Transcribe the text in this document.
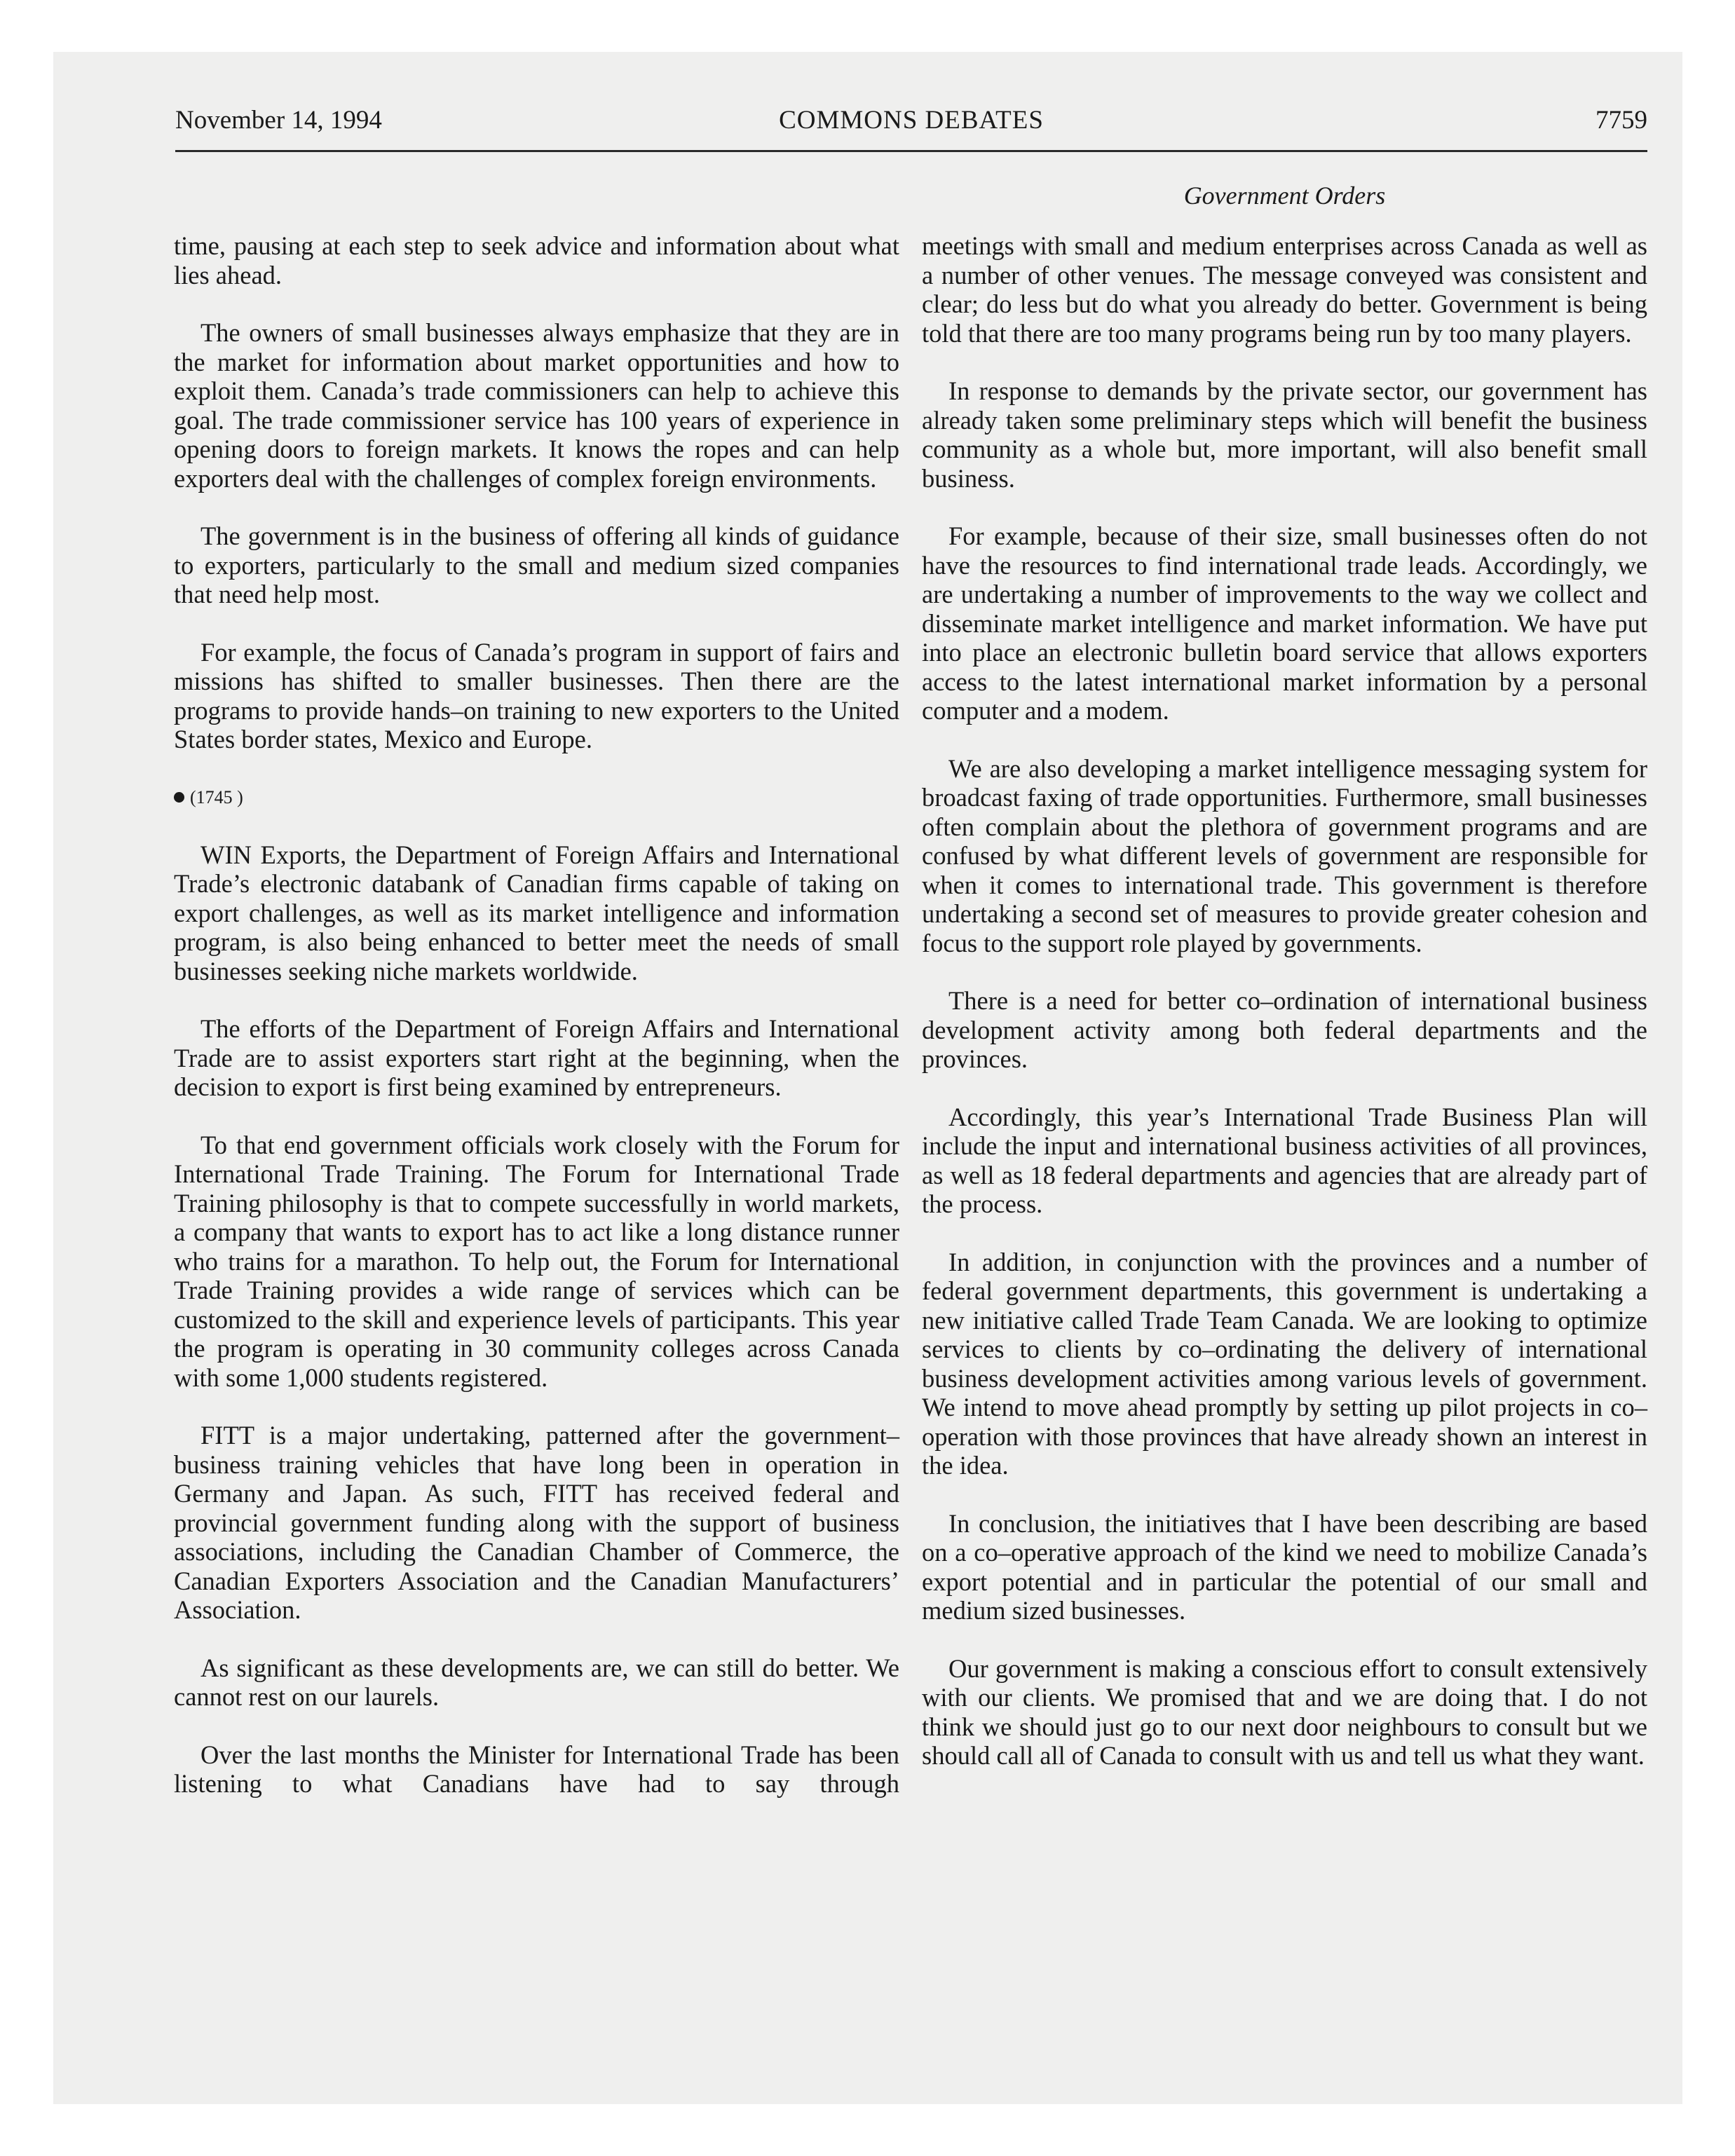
November 14, 1994	COMMONS DEBATES	7759
Government Orders

time, pausing at each step to seek advice and information about what lies ahead.

The owners of small businesses always emphasize that they are in the market for information about market opportunities and how to exploit them. Canada’s trade commissioners can help to achieve this goal. The trade commissioner service has 100 years of experience in opening doors to foreign markets. It knows the ropes and can help exporters deal with the challenges of complex foreign environments.

The government is in the business of offering all kinds of guidance to exporters, particularly to the small and medium sized companies that need help most.

For example, the focus of Canada’s program in support of fairs and missions has shifted to smaller businesses. Then there are the programs to provide hands–on training to new exporters to the United States border states, Mexico and Europe.

(1745 )

WIN Exports, the Department of Foreign Affairs and International Trade’s electronic databank of Canadian firms capable of taking on export challenges, as well as its market intelligence and information program, is also being enhanced to better meet the needs of small businesses seeking niche markets worldwide.

The efforts of the Department of Foreign Affairs and International Trade are to assist exporters start right at the beginning, when the decision to export is first being examined by entrepreneurs.

To that end government officials work closely with the Forum for International Trade Training. The Forum for International Trade Training philosophy is that to compete successfully in world markets, a company that wants to export has to act like a long distance runner who trains for a marathon. To help out, the Forum for International Trade Training provides a wide range of services which can be customized to the skill and experience levels of participants. This year the program is operating in 30 community colleges across Canada with some 1,000 students registered.

FITT is a major undertaking, patterned after the government–business training vehicles that have long been in operation in Germany and Japan. As such, FITT has received federal and provincial government funding along with the support of business associations, including the Canadian Chamber of Commerce, the Canadian Exporters Association and the Canadian Manufacturers’ Association.

As significant as these developments are, we can still do better. We cannot rest on our laurels.

Over the last months the Minister for International Trade has been listening to what Canadians have had to say through

meetings with small and medium enterprises across Canada as well as a number of other venues. The message conveyed was consistent and clear; do less but do what you already do better. Government is being told that there are too many programs being run by too many players.

In response to demands by the private sector, our government has already taken some preliminary steps which will benefit the business community as a whole but, more important, will also benefit small business.

For example, because of their size, small businesses often do not have the resources to find international trade leads. Accordingly, we are undertaking a number of improvements to the way we collect and disseminate market intelligence and market information. We have put into place an electronic bulletin board service that allows exporters access to the latest international market information by a personal computer and a modem.

We are also developing a market intelligence messaging system for broadcast faxing of trade opportunities. Furthermore, small businesses often complain about the plethora of government programs and are confused by what different levels of government are responsible for when it comes to international trade. This government is therefore undertaking a second set of measures to provide greater cohesion and focus to the support role played by governments.

There is a need for better co–ordination of international business development activity among both federal departments and the provinces.

Accordingly, this year’s International Trade Business Plan will include the input and international business activities of all provinces, as well as 18 federal departments and agencies that are already part of the process.

In addition, in conjunction with the provinces and a number of federal government departments, this government is undertaking a new initiative called Trade Team Canada. We are looking to optimize services to clients by co–ordinating the delivery of international business development activities among various levels of government. We intend to move ahead promptly by setting up pilot projects in co–operation with those provinces that have already shown an interest in the idea.

In conclusion, the initiatives that I have been describing are based on a co–operative approach of the kind we need to mobilize Canada’s export potential and in particular the potential of our small and medium sized businesses.

Our government is making a conscious effort to consult extensively with our clients. We promised that and we are doing that. I do not think we should just go to our next door neighbours to consult but we should call all of Canada to consult with us and tell us what they want.
